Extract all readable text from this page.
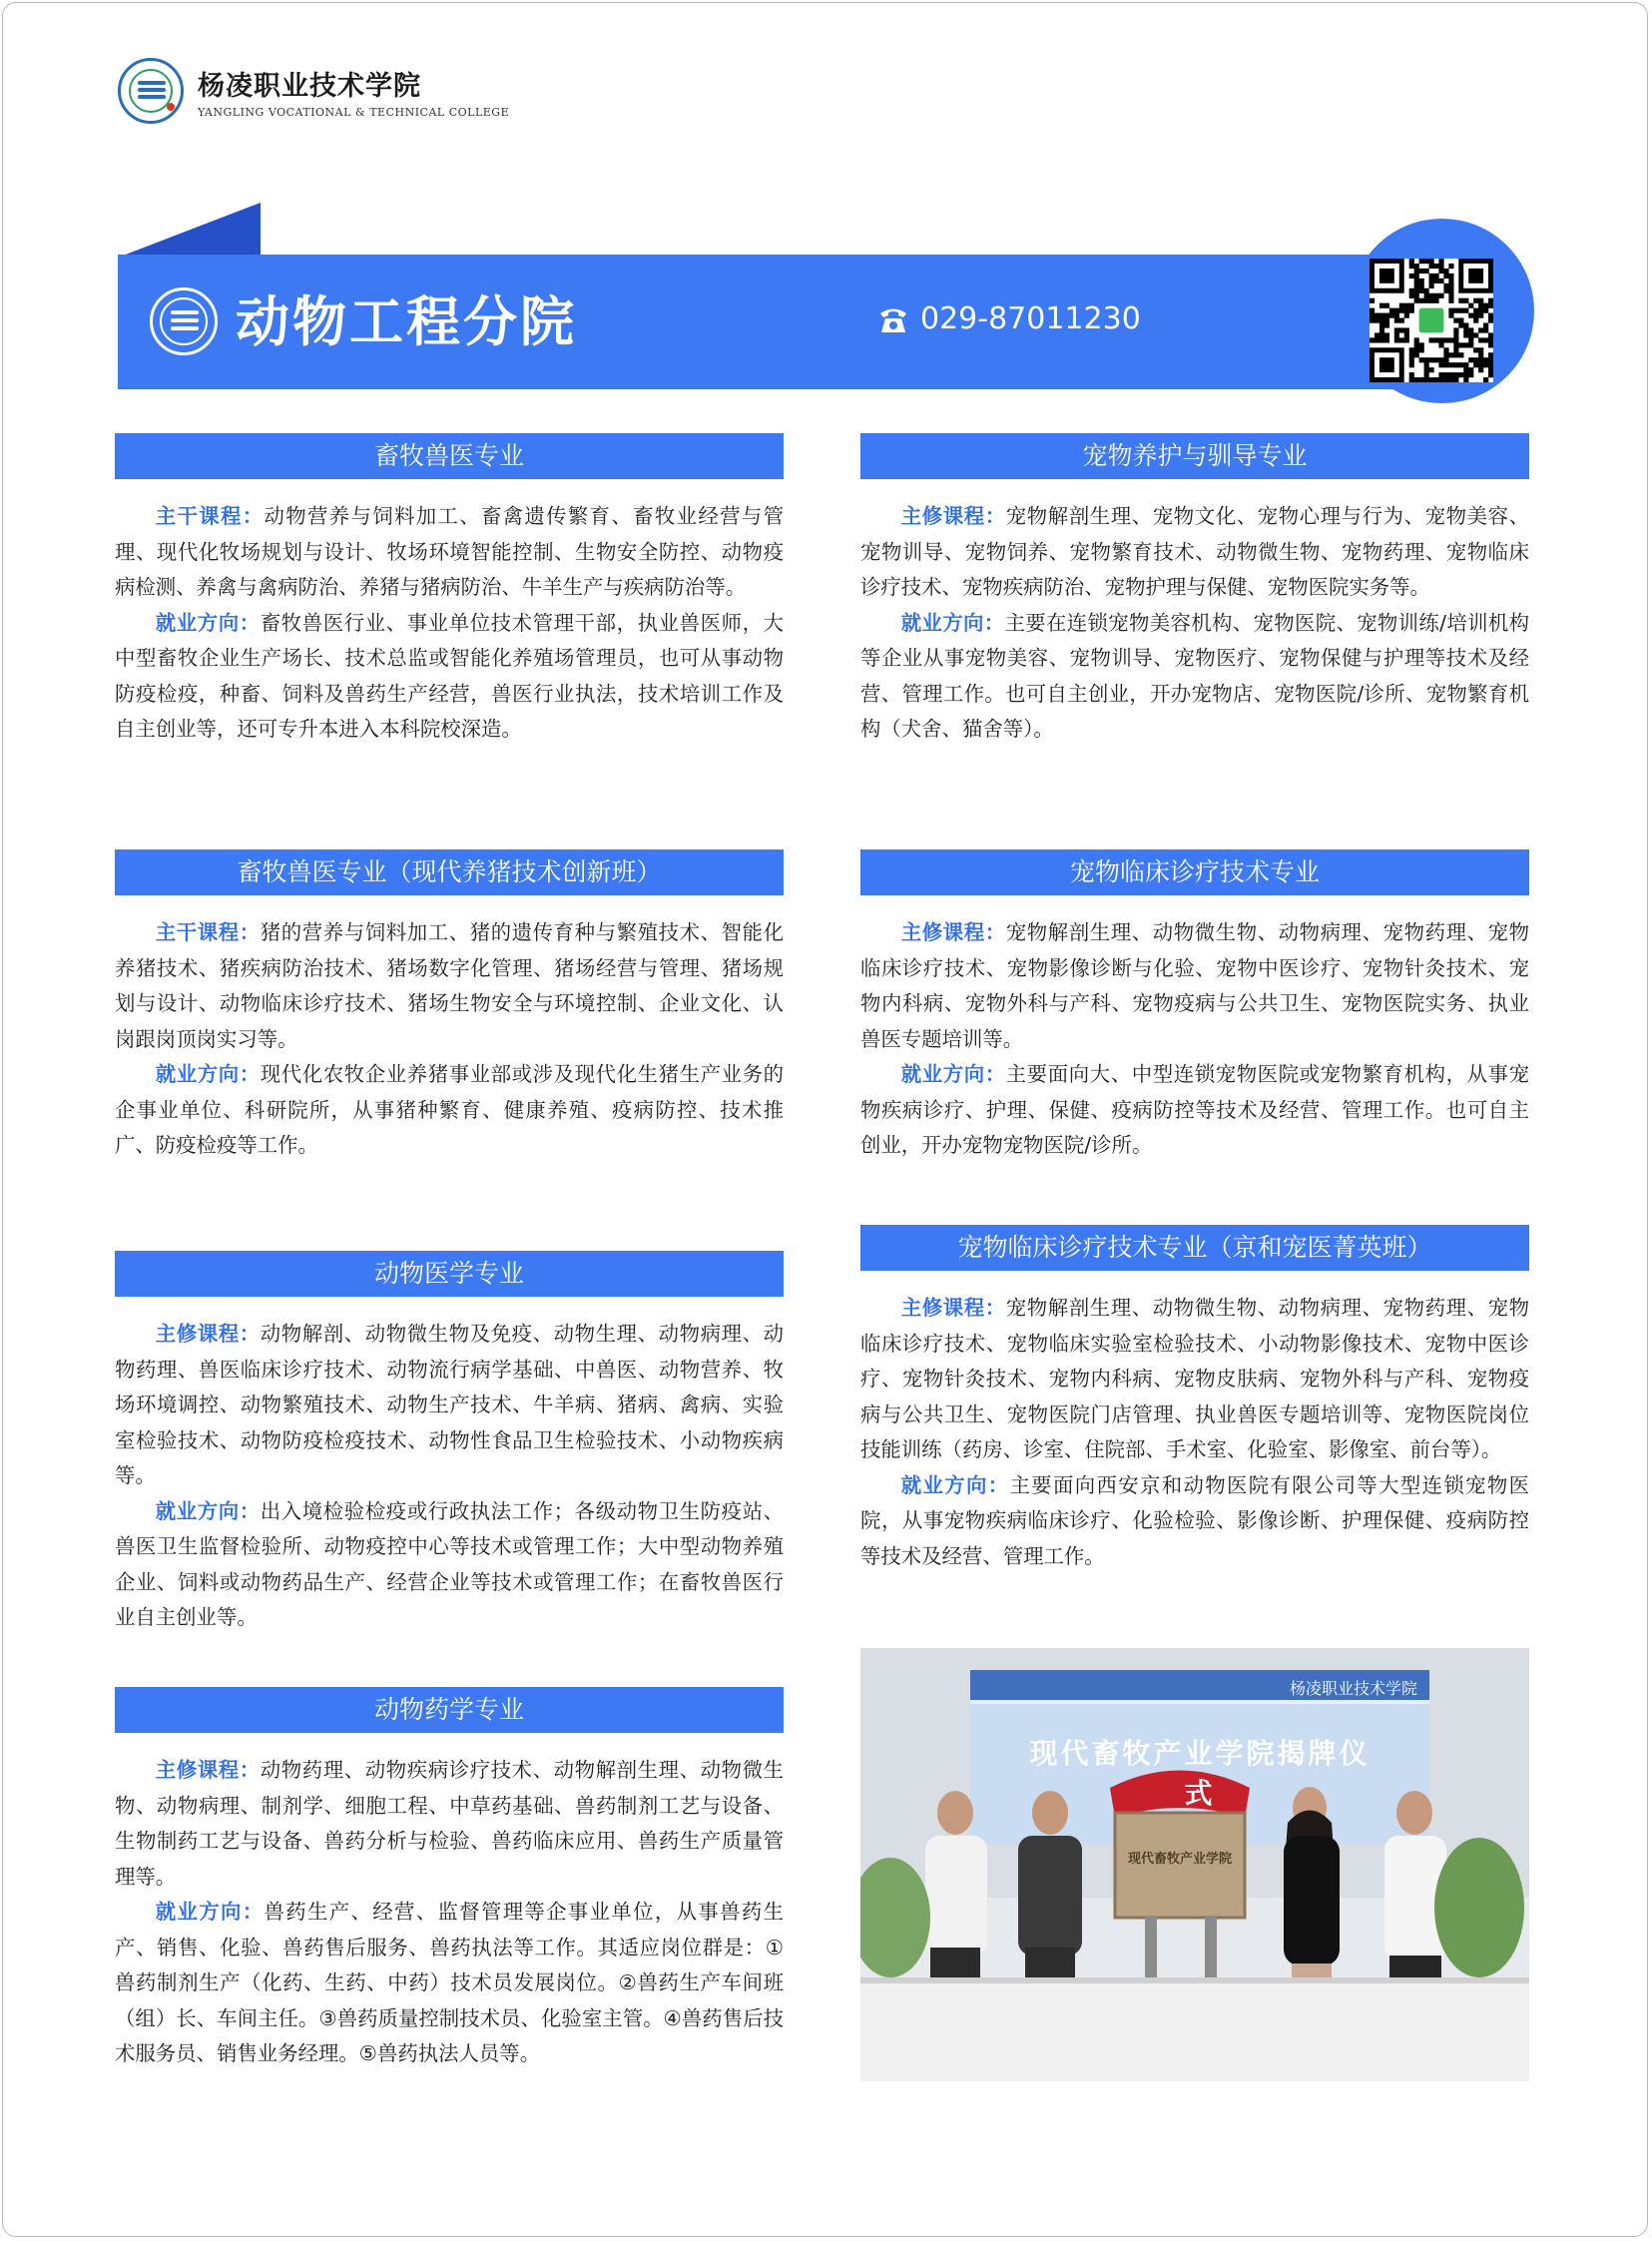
杨凌职业技术学院
YANGLING VOCATIONAL & TECHNICAL COLLEGE
动物工程分院	029-87011230
畜牧兽医专业

主干课程：动物营养与饲料加工、畜禽遗传繁育、畜牧业经营与管理、现代化牧场规划与设计、牧场环境智能控制、生物安全防控、动物疫病检测、养禽与禽病防治、养猪与猪病防治、牛羊生产与疾病防治等。

就业方向：畜牧兽医行业、事业单位技术管理干部，执业兽医师，大中型畜牧企业生产场长、技术总监或智能化养殖场管理员，也可从事动物防疫检疫，种畜、饲料及兽药生产经营，兽医行业执法，技术培训工作及自主创业等，还可专升本进入本科院校深造。

畜牧兽医专业（现代养猪技术创新班）

主干课程：猪的营养与饲料加工、猪的遗传育种与繁殖技术、智能化养猪技术、猪疾病防治技术、猪场数字化管理、猪场经营与管理、猪场规划与设计、动物临床诊疗技术、猪场生物安全与环境控制、企业文化、认岗跟岗顶岗实习等。

就业方向：现代化农牧企业养猪事业部或涉及现代化生猪生产业务的企事业单位、科研院所，从事猪种繁育、健康养殖、疫病防控、技术推广、防疫检疫等工作。

动物医学专业

主修课程：动物解剖、动物微生物及免疫、动物生理、动物病理、动物药理、兽医临床诊疗技术、动物流行病学基础、中兽医、动物营养、牧场环境调控、动物繁殖技术、动物生产技术、牛羊病、猪病、禽病、实验室检验技术、动物防疫检疫技术、动物性食品卫生检验技术、小动物疾病等。

就业方向：出入境检验检疫或行政执法工作；各级动物卫生防疫站、兽医卫生监督检验所、动物疫控中心等技术或管理工作；大中型动物养殖企业、饲料或动物药品生产、经营企业等技术或管理工作；在畜牧兽医行业自主创业等。

动物药学专业

主修课程：动物药理、动物疾病诊疗技术、动物解剖生理、动物微生物、动物病理、制剂学、细胞工程、中草药基础、兽药制剂工艺与设备、生物制药工艺与设备、兽药分析与检验、兽药临床应用、兽药生产质量管理等。

就业方向：兽药生产、经营、监督管理等企事业单位，从事兽药生产、销售、化验、兽药售后服务、兽药执法等工作。其适应岗位群是：①兽药制剂生产（化药、生药、中药）技术员发展岗位。②兽药生产车间班（组）长、车间主任。③兽药质量控制技术员、化验室主管。④兽药售后技术服务员、销售业务经理。⑤兽药执法人员等。

宠物养护与驯导专业

主修课程：宠物解剖生理、宠物文化、宠物心理与行为、宠物美容、宠物训导、宠物饲养、宠物繁育技术、动物微生物、宠物药理、宠物临床诊疗技术、宠物疾病防治、宠物护理与保健、宠物医院实务等。

就业方向：主要在连锁宠物美容机构、宠物医院、宠物训练/培训机构等企业从事宠物美容、宠物训导、宠物医疗、宠物保健与护理等技术及经营、管理工作。也可自主创业，开办宠物店、宠物医院/诊所、宠物繁育机构（犬舍、猫舍等）。

宠物临床诊疗技术专业

主修课程：宠物解剖生理、动物微生物、动物病理、宠物药理、宠物临床诊疗技术、宠物影像诊断与化验、宠物中医诊疗、宠物针灸技术、宠物内科病、宠物外科与产科、宠物疫病与公共卫生、宠物医院实务、执业兽医专题培训等。

就业方向：主要面向大、中型连锁宠物医院或宠物繁育机构，从事宠物疾病诊疗、护理、保健、疫病防控等技术及经营、管理工作。也可自主创业，开办宠物宠物医院/诊所。

宠物临床诊疗技术专业（京和宠医菁英班）

主修课程：宠物解剖生理、动物微生物、动物病理、宠物药理、宠物临床诊疗技术、宠物临床实验室检验技术、小动物影像技术、宠物中医诊疗、宠物针灸技术、宠物内科病、宠物皮肤病、宠物外科与产科、宠物疫病与公共卫生、宠物医院门店管理、执业兽医专题培训等、宠物医院岗位技能训练（药房、诊室、住院部、手术室、化验室、影像室、前台等）。

就业方向：主要面向西安京和动物医院有限公司等大型连锁宠物医院，从事宠物疾病临床诊疗、化验检验、影像诊断、护理保健、疫病防控等技术及经营、管理工作。

现代畜牧产业学院揭牌仪式
杨凌职业技术学院
现代畜牧产业学院
